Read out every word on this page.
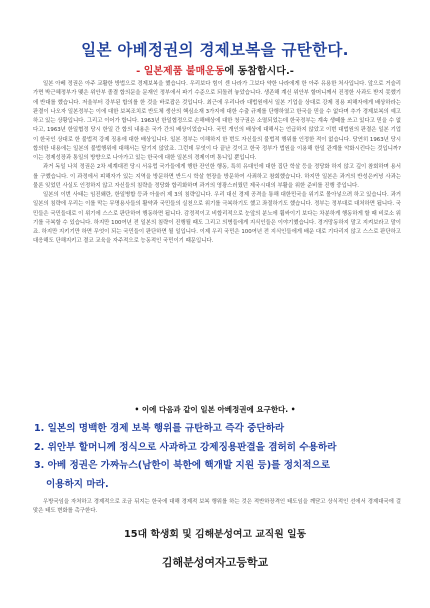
일본 아베정권의 경제보복을 규탄한다.
- 일본제품 불매운동에 동참합시다.-

일본 아베 정권은 아주 교활한 방법으로 경제보복을 했습니다. 우리보다 힘이 센 나라가 그보다 약한 나라에게 한 아주 유용한 처사입니다. 앞으로 거슬리 가면 박근혜정부가 맺은 위안부 졸결 합의문을 문재인 정부에서 파기 수준으로 되돌려 놓았습니다. 생존해 계신 위안부 할머니께서 진정한 사과도 받지 못했기에 반대를 했습니다. 저울부터 강부된 합의를 한 것을 바로잡은 것입니다. 최근에 우리나라 대법원에서 일본 기업을 상대로 강제 징용 피해자에게 배상하라는 판결이 나오자 일본정부는 이에 대한 보복조치로 반도체 생산의 핵심소재 3가지에 대한 수출 규제를 단행하였고 한국을 믿을 수 없다며 추가 경제보복의 예고하고 있는 상황입니다. 그리고 이어가 합니다. 1963년 한일협정으로 손해배상에 대한 청구권은 소멸되었는데 한국정부는 계속 생떼를 쓰고 있다고 믿을 수 없다고, 1963년 한일협정 당시 한일 간 합의 내용은 국가 간의 배상이었습니다. 국민 개인의 배상에 대해서는 언급하지 않았고 이번 대법원의 판결은 일본 기업이 한국인 상대로 한 불법적 강제 징용에 대한 배상입니다. 일본 정부는 이해하지 한 번도 자신들의 불법적 행위를 인정한 적이 없습니다. 당연히 1963년 당시 합의한 내용에는 일본의 불법행위에 대해서는 담기지 않았죠. 그런데 무엇이 다 끝난 것이고 한국 정부가 법원을 이용해 한일 관계를 악화시킨다는 것입니까? 이는 경제성장과 통일의 방향으로 나아가고 있는 한국에 대한 일본의 경제이며 통니입 뿐입니다.

과거 독일 나치 정권은 2차 세계대전 당시 서유럽 국가들에게 행한 잔인한 행동, 특히 유대인에 대한 집단 학살 등을 정당화 하지 않고 깊이 참회하며 용서를 구했습니다. 이 과정에서 피해자가 있는 지역을 방문하면 반드시 학살 현장을 방문하여 사죄하고 참회했습니다. 하지만 일본은 과거의 반성은커녕 사과는 물론 잊었던 사실도 인정하지 않고 자신들의 침략을 정당화 합리화하며 과거의 영광스러웠던 제국시대의 부활을 위한 준비를 진행 중입니다.

일본의 이번 사태는 임진왜란, 한일병합 등과 아울러 제 3의 침략입니다. 우리 대신 경제 공격을 통해 대한민국을 위기로 몰아넣으려 하고 있습니다. 과거 일본의 침략에 우리는 이를 막는 무명용사들의 활약과 국민들의 실천으로 위기를 극복하기도 했고 좌절하기도 했습니다. 정부는 정부대로 대처하면 됩니다. 국민들은 국민들대로 이 위기에 스스로 판단하여 행동하면 됩니다. 감정적이고 비합리적으로 눈앞의 분노에 휩싸이기 보다는 차분하게 행동하게 할 때 비로소 위기를 극복할 수 있습니다. 하지만 100여년 전 일본의 침략이 진행될 때도 그리고 의병들에게 지식인들은 이야기했습니다. 경거망동하지 말고 지켜보라고 말이죠. 하지만 지키기만 하면 무엇이 되는 국민들이 판단하면 될 일입니다. 이제 우리 국민은 100여년 전 지식인들에게 배운 대로 기다리지 않고 스스로 판단하고 대응해도 단해지키고 결코 교육을 자주적으로 능동적인 국민이기 때문입니다.

• 이에 다음과 같이 일본 아베정권에 요구한다. •
1. 일본의 명백한 경제 보복 행위를 규탄하고 즉각 중단하라
2. 위안부 할머니께 정식으로 사과하고 강제징용판결을 겸허히 수용하라
3. 아베 정권은 가짜뉴스(남한이 북한에 핵개발 지원 등)를 정치적으로
이용하지 마라.

우방국임을 자처하고 경제적으로 조금 뒤지는 한국에 대해 경제적 보복 행위를 하는 것은 적반하장격인 태도임을 깨닫고 상식적인 선에서 경제대국에 걸맞은 태도 변화를 촉구한다.

15대 학생회 및 김해분성여고 교직원 일동
김해분성여자고등학교
